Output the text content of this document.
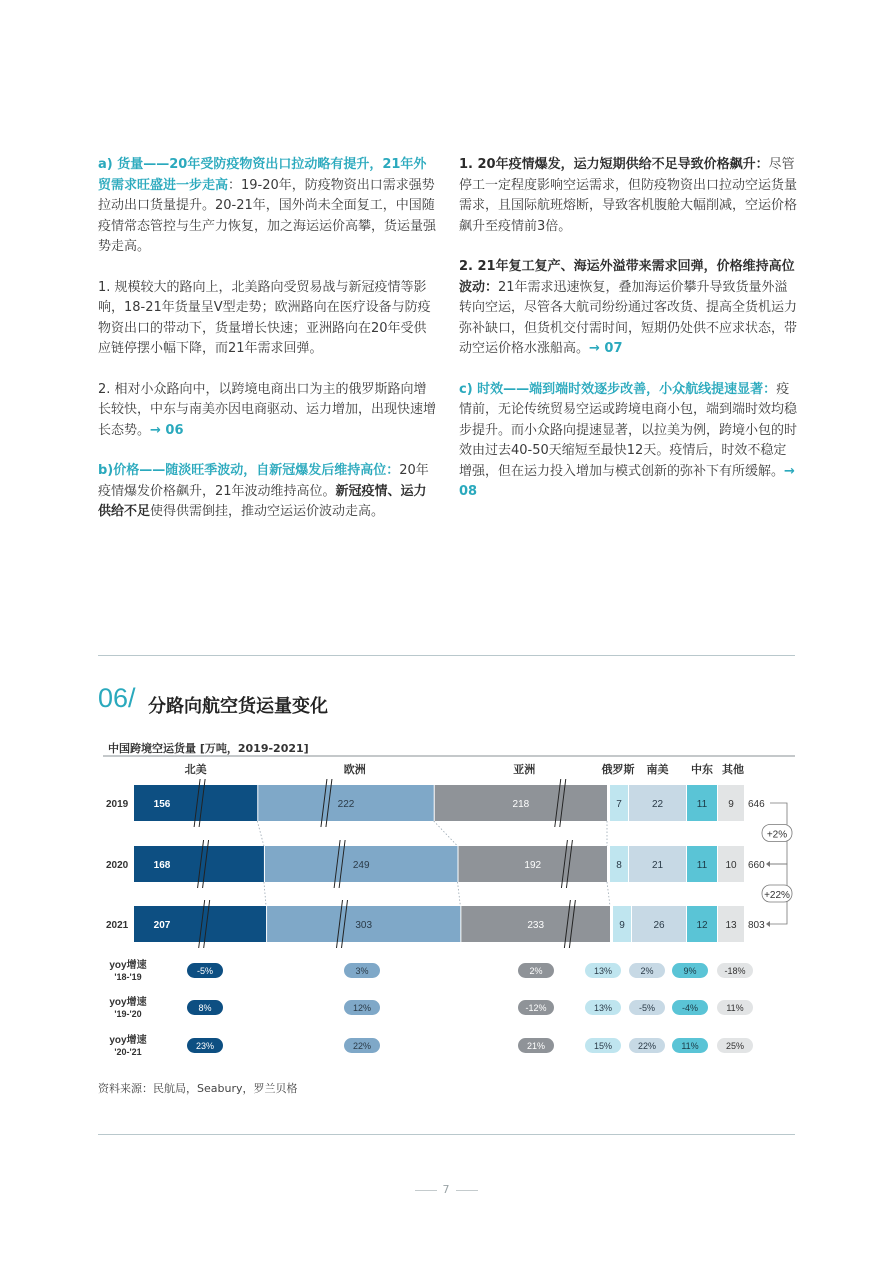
a) 货量——20年受防疫物资出口拉动略有提升，21年外贸需求旺盛进一步走高：19-20年，防疫物资出口需求强势拉动出口货量提升。20-21年，国外尚未全面复工，中国随疫情常态管控与生产力恢复，加之海运运价高攀，货运量强势走高。

1. 规模较大的路向上，北美路向受贸易战与新冠疫情等影响，18-21年货量呈V型走势；欧洲路向在医疗设备与防疫物资出口的带动下，货量增长快速；亚洲路向在20年受供应链停摆小幅下降，而21年需求回弹。

2. 相对小众路向中，以跨境电商出口为主的俄罗斯路向增长较快，中东与南美亦因电商驱动、运力增加，出现快速增长态势。→ 06

b)价格——随淡旺季波动，自新冠爆发后维持高位：20年疫情爆发价格飙升，21年波动维持高位。新冠疫情、运力供给不足使得供需倒挂，推动空运运价波动走高。

1. 20年疫情爆发，运力短期供给不足导致价格飙升：尽管停工一定程度影响空运需求，但防疫物资出口拉动空运货量需求，且国际航班熔断，导致客机腹舱大幅削减，空运价格飙升至疫情前3倍。

2. 21年复工复产、海运外溢带来需求回弹，价格维持高位波动：21年需求迅速恢复，叠加海运价攀升导致货量外溢转向空运，尽管各大航司纷纷通过客改货、提高全货机运力弥补缺口，但货机交付需时间，短期仍处供不应求状态，带动空运价格水涨船高。→ 07

c) 时效——端到端时效逐步改善，小众航线提速显著：疫情前，无论传统贸易空运或跨境电商小包，端到端时效均稳步提升。而小众路向提速显著，以拉美为例，跨境小包的时效由过去40-50天缩短至最快12天。疫情后，时效不稳定增强，但在运力投入增加与模式创新的弥补下有所缓解。→ 08

06/ 分路向航空货运量变化
中国跨境空运货量 [万吨，2019-2021]
北美	欧洲	亚洲	俄罗斯 南美 中东 其他
2019	156	222	218	7	22	11 9 646
2020	168	249	192	8	21	11 10 660
2021	207	303	233	9	26	12 13 803
+2%
+22%
yoy增速
'18-'19
-5%	3%	2%	13%	2%	9%	-18%
yoy增速
'19-'20
8%	12%	-12%	13%	-5%	-4%	11%
yoy增速
'20-'21
23%	22%	21%	15%	22%	11%	25%
资料来源：民航局，Seabury，罗兰贝格
7
